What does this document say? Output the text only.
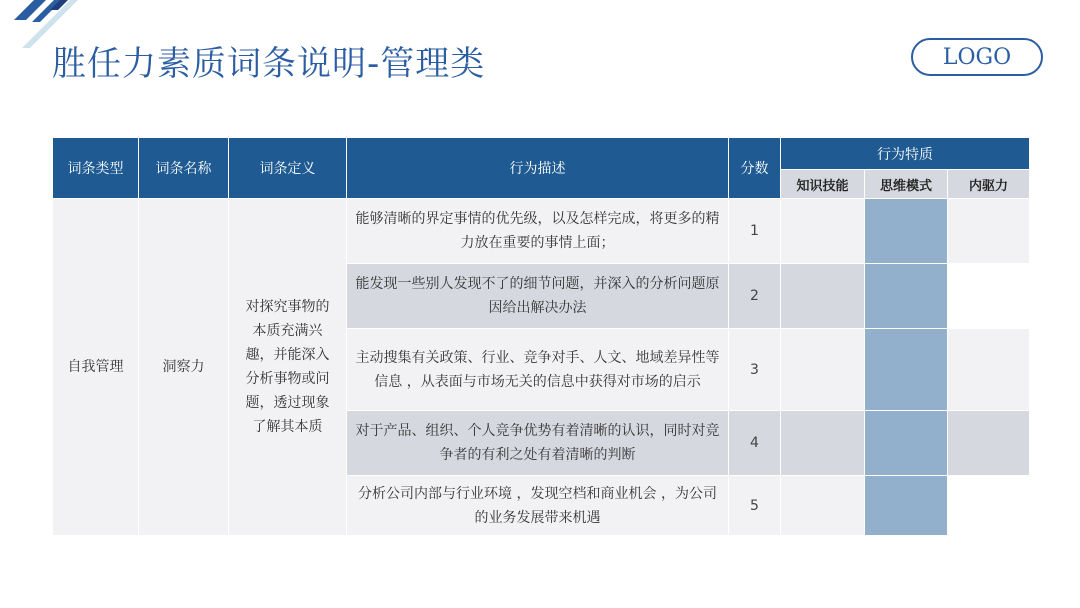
胜任力素质词条说明-管理类	LOGO
词条类型	词条名称	词条定义	行为描述	分数	行为特质		
					知识技能	思维模式	内驱力
自我管理	洞察力	对探究事物的本质充满兴趣，并能深入 分析事物或问题，透过现象了解其本质	能够清晰的界定事情的优先级，以及怎样完成，将更多的精力放在重要的事情上面；	1			
			能发现一些别人发现不了的细节问题，并深入的分析问题原因给出解决办法	2			
			主动搜集有关政策、行业、竞争对手、人文、地域差异性等信息 ，从表面与市场无关的信息中获得对市场的启示	3			
			对于产品、组织、个人竞争优势有着清晰的认识，同时对竞争者的有利之处有着清晰的判断	4			
			分析公司内部与行业环境 ，发现空档和商业机会 ，为公司的业务发展带来机遇	5			
